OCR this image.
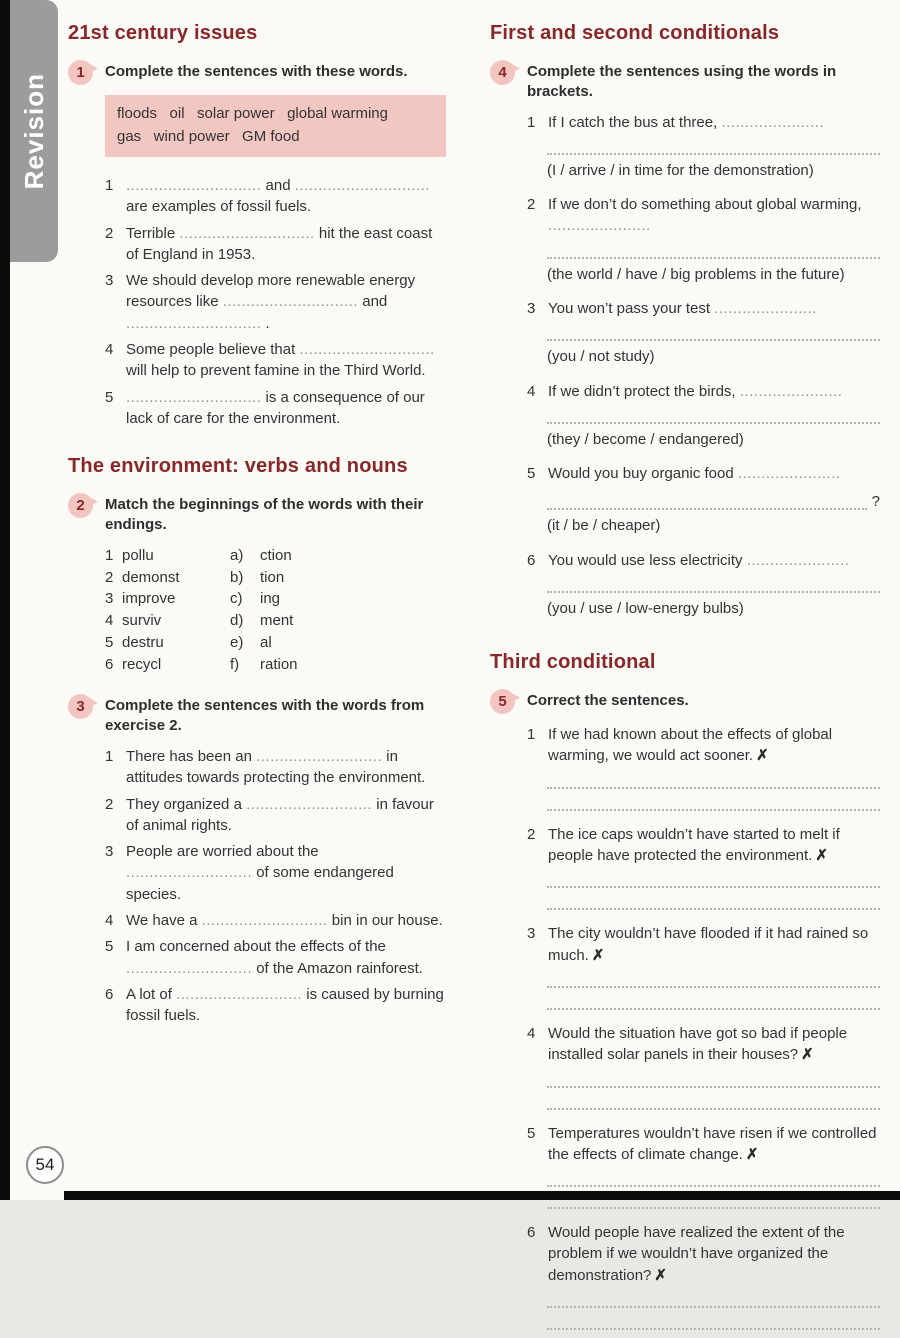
Revision
21st century issues
1	Complete the sentences with these words.
floods   oil   solar power   global warming
gas   wind power   GM food
1 ............................. and ............................. are examples of fossil fuels.
2 Terrible ............................. hit the east coast of England in 1953.
3 We should develop more renewable energy resources like ............................. and ............................. .
4 Some people believe that ............................. will help to prevent famine in the Third World.
5 ............................. is a consequence of our lack of care for the environment.
The environment: verbs and nouns
2	Match the beginnings of the words with their endings.
1 pollu	a)	ction
2 demonst	b)	tion
3 improve	c)	ing
4 surviv	d)	ment
5 destru	e)	al
6 recycl	f)	ration
3	Complete the sentences with the words from exercise 2.
1 There has been an ........................... in attitudes towards protecting the environment.
2 They organized a ........................... in favour of animal rights.
3 People are worried about the ........................... of some endangered species.
4 We have a ........................... bin in our house.
5 I am concerned about the effects of the ........................... of the Amazon rainforest.
6 A lot of ........................... is caused by burning fossil fuels.
First and second conditionals
4	Complete the sentences using the words in brackets.
1 If I catch the bus at three, ......................
(I / arrive / in time for the demonstration)
2 If we don’t do something about global warming, ......................
(the world / have / big problems in the future)
3 You won’t pass your test ......................
(you / not study)
4 If we didn’t protect the birds, ......................
(they / become / endangered)
5 Would you buy organic food ......................
?
(it / be / cheaper)
6 You would use less electricity ......................
(you / use / low-energy bulbs)
Third conditional
5	Correct the sentences.
1 If we had known about the effects of global warming, we would act sooner. ✗
2 The ice caps wouldn’t have started to melt if people have protected the environment. ✗
3 The city wouldn’t have flooded if it had rained so much. ✗
4 Would the situation have got so bad if people installed solar panels in their houses? ✗
5 Temperatures wouldn’t have risen if we controlled the effects of climate change. ✗
6 Would people have realized the extent of the problem if we wouldn’t have organized the demonstration? ✗
54
